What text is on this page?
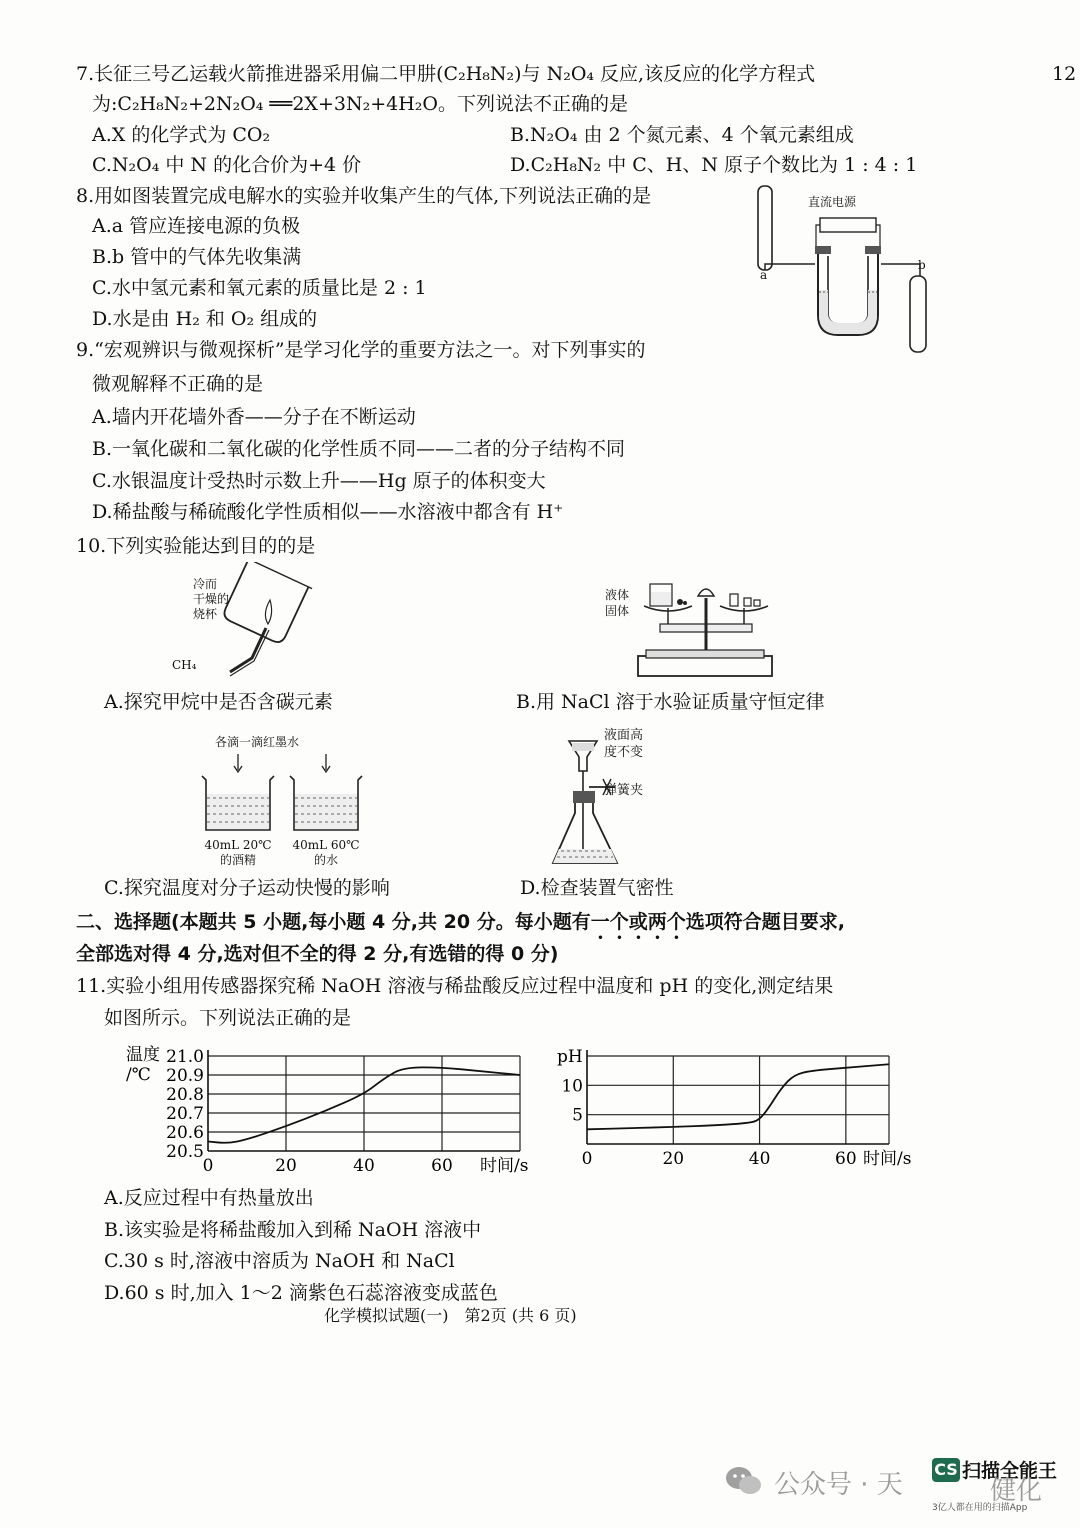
12
7.长征三号乙运载火箭推进器采用偏二甲肼(C₂H₈N₂)与 N₂O₄ 反应,该反应的化学方程式
为:C₂H₈N₂+2N₂O₄ ══2X+3N₂+4H₂O。下列说法不正确的是
A.X 的化学式为 CO₂	B.N₂O₄ 由 2 个氮元素、4 个氧元素组成
C.N₂O₄ 中 N 的化合价为+4 价	D.C₂H₈N₂ 中 C、H、N 原子个数比为 1 : 4 : 1
8.用如图装置完成电解水的实验并收集产生的气体,下列说法正确的是
A.a 管应连接电源的负极
B.b 管中的气体先收集满
C.水中氢元素和氧元素的质量比是 2 : 1
D.水是由 H₂ 和 O₂ 组成的
直流电源
a
b
9.“宏观辨识与微观探析”是学习化学的重要方法之一。对下列事实的
微观解释不正确的是
A.墙内开花墙外香——分子在不断运动
B.一氧化碳和二氧化碳的化学性质不同——二者的分子结构不同
C.水银温度计受热时示数上升——Hg 原子的体积变大
D.稀盐酸与稀硫酸化学性质相似——水溶液中都含有 H⁺
10.下列实验能达到目的的是
冷而
干燥的
烧杯
CH₄
A.探究甲烷中是否含碳元素
液体
固体
B.用 NaCl 溶于水验证质量守恒定律
各滴一滴红墨水
40mL 20℃
的酒精
40mL 60℃
的水
C.探究温度对分子运动快慢的影响
液面高
度不变
弹簧夹
D.检查装置气密性
二、选择题(本题共 5 小题,每小题 4 分,共 20 分。每小题有一个或两个选项符合题目要求,
全部选对得 4 分,选对但不全的得 2 分,有选错的得 0 分)
11.实验小组用传感器探究稀 NaOH 溶液与稀盐酸反应过程中温度和 pH 的变化,测定结果
如图所示。下列说法正确的是
20.5
20.6
20.7
20.8
20.9
21.0
0	20	40	60 时间/s
温度
/℃
5
10
0	20	40	60 时间/s
pH
A.反应过程中有热量放出
B.该实验是将稀盐酸加入到稀 NaOH 溶液中
C.30 s 时,溶液中溶质为 NaOH 和 NaCl
D.60 s 时,加入 1～2 滴紫色石蕊溶液变成蓝色
化学模拟试题(一)　第2页 (共 6 页)
公众号 · 天
CS 扫描全能王
健化
3亿人都在用的扫描App
